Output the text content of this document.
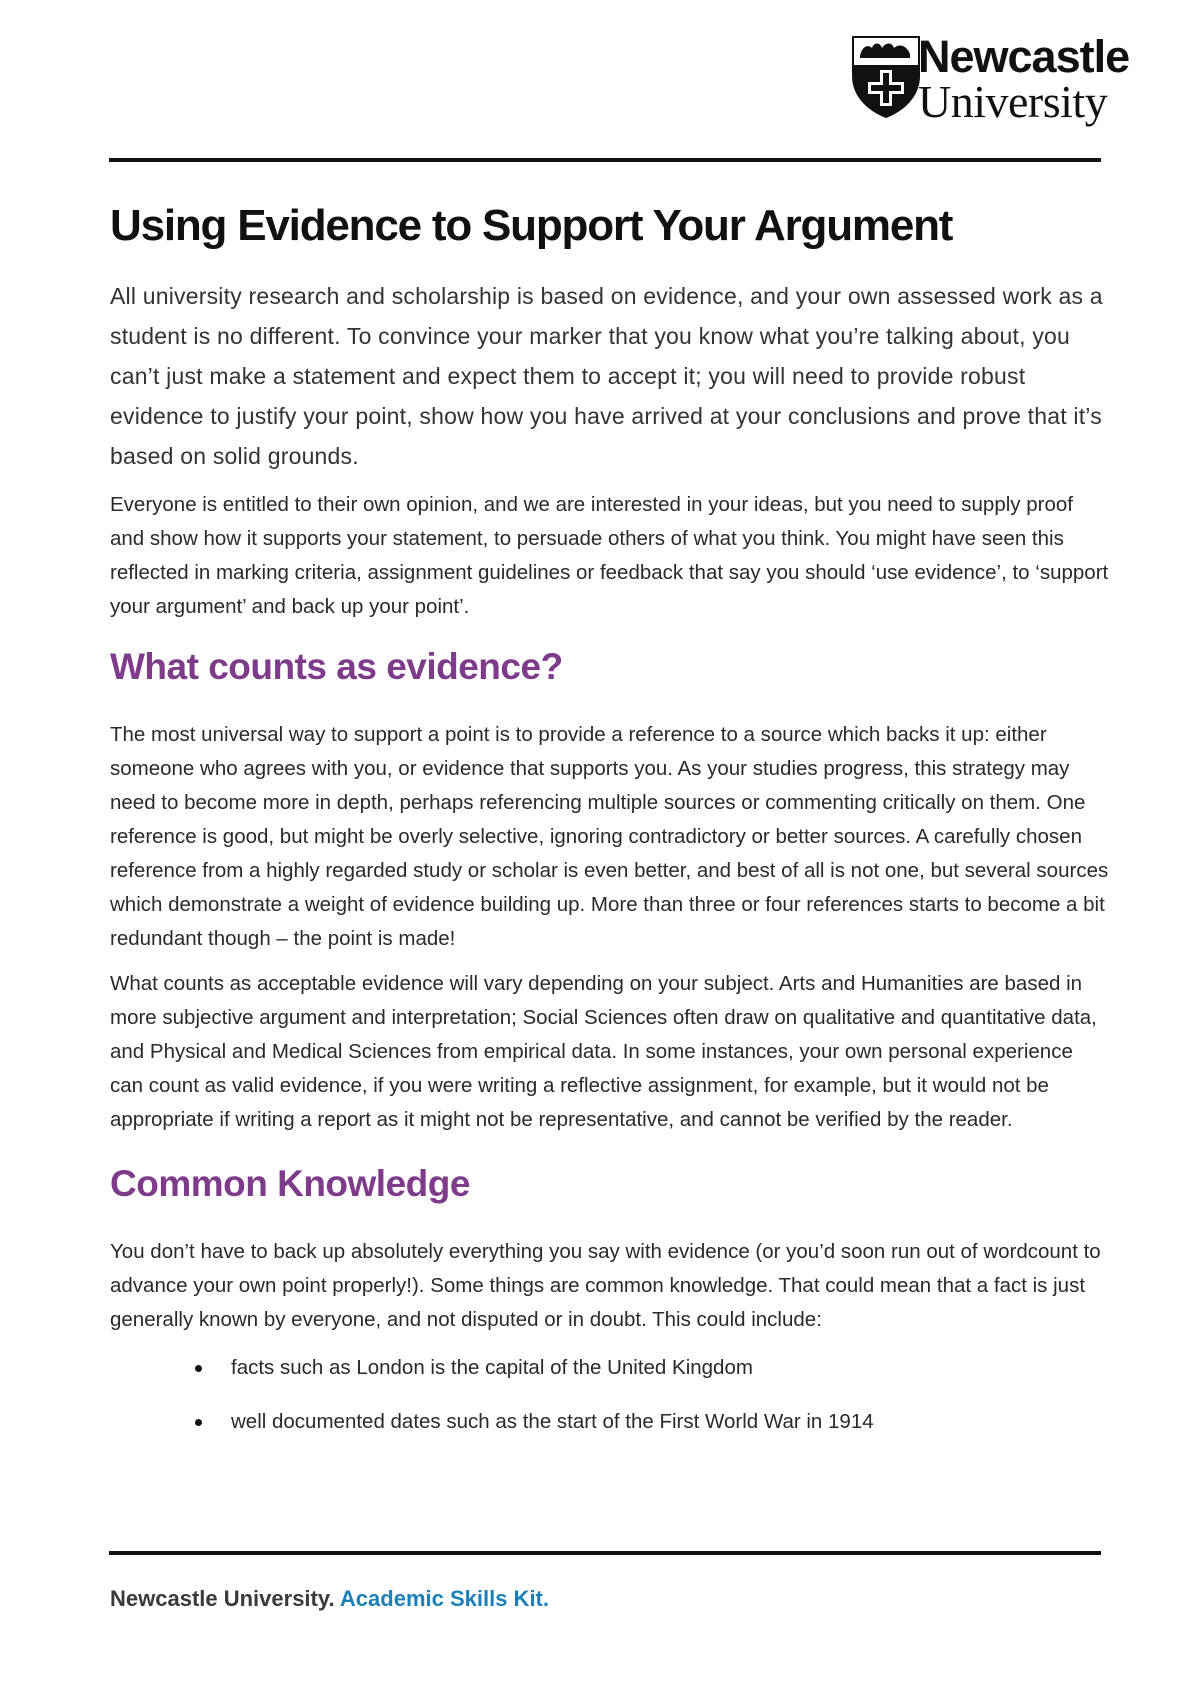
Newcastle
University
Using Evidence to Support Your Argument

All university research and scholarship is based on evidence, and your own assessed work as a student is no different. To convince your marker that you know what you’re talking about, you can’t just make a statement and expect them to accept it; you will need to provide robust evidence to justify your point, show how you have arrived at your conclusions and prove that it’s based on solid grounds.

Everyone is entitled to their own opinion, and we are interested in your ideas, but you need to supply proof and show how it supports your statement, to persuade others of what you think. You might have seen this reflected in marking criteria, assignment guidelines or feedback that say you should ‘use evidence’, to ‘support your argument’ and back up your point’.

What counts as evidence?

The most universal way to support a point is to provide a reference to a source which backs it up: either someone who agrees with you, or evidence that supports you. As your studies progress, this strategy may need to become more in depth, perhaps referencing multiple sources or commenting critically on them. One reference is good, but might be overly selective, ignoring contradictory or better sources. A carefully chosen reference from a highly regarded study or scholar is even better, and best of all is not one, but several sources which demonstrate a weight of evidence building up. More than three or four references starts to become a bit redundant though – the point is made!

What counts as acceptable evidence will vary depending on your subject. Arts and Humanities are based in more subjective argument and interpretation; Social Sciences often draw on qualitative and quantitative data, and Physical and Medical Sciences from empirical data. In some instances, your own personal experience can count as valid evidence, if you were writing a reflective assignment, for example, but it would not be appropriate if writing a report as it might not be representative, and cannot be verified by the reader.

Common Knowledge

You don’t have to back up absolutely everything you say with evidence (or you’d soon run out of wordcount to advance your own point properly!). Some things are common knowledge. That could mean that a fact is just generally known by everyone, and not disputed or in doubt. This could include:

facts such as London is the capital of the United Kingdom
well documented dates such as the start of the First World War in 1914
Newcastle University. Academic Skills Kit.
